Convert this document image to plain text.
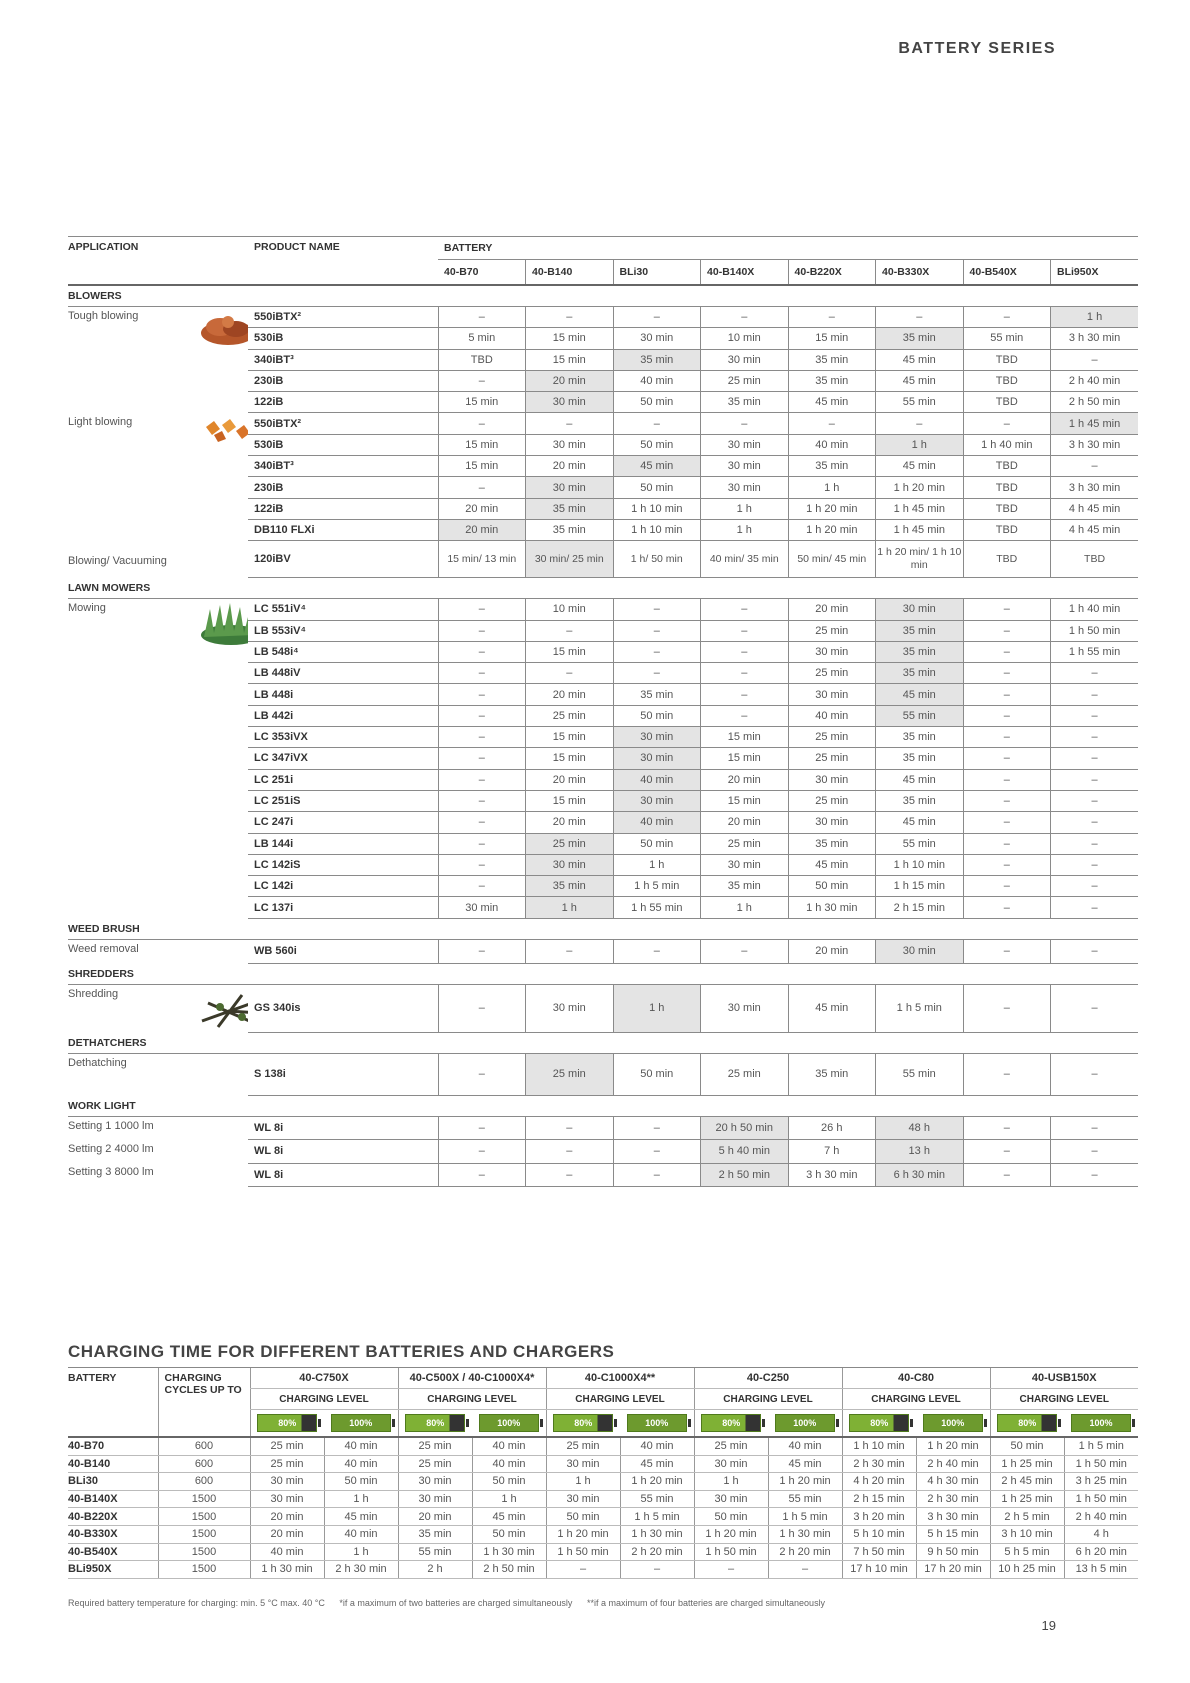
BATTERY SERIES
APPLICATION		PRODUCT NAME	BATTERY							
			40-B70	40-B140	BLi30	40-B140X	40-B220X	40-B330X	40-B540X	BLi950X
BLOWERS										
Tough blowing		550iBTX²	–	–	–	–	–	–	–	1 h
		530iB	5 min	15 min	30 min	10 min	15 min	35 min	55 min	3 h 30 min
		340iBT³	TBD	15 min	35 min	30 min	35 min	45 min	TBD	–
		230iB	–	20 min	40 min	25 min	35 min	45 min	TBD	2 h 40 min
		122iB	15 min	30 min	50 min	35 min	45 min	55 min	TBD	2 h 50 min
Light blowing		550iBTX²	–	–	–	–	–	–	–	1 h 45 min
		530iB	15 min	30 min	50 min	30 min	40 min	1 h	1 h 40 min	3 h 30 min
		340iBT³	15 min	20 min	45 min	30 min	35 min	45 min	TBD	–
		230iB	–	30 min	50 min	30 min	1 h	1 h 20 min	TBD	3 h 30 min
		122iB	20 min	35 min	1 h 10 min	1 h	1 h 20 min	1 h 45 min	TBD	4 h 45 min
		DB110 FLXi	20 min	35 min	1 h 10 min	1 h	1 h 20 min	1 h 45 min	TBD	4 h 45 min
Blowing/ Vacuuming		120iBV	15 min/ 13 min	30 min/ 25 min	1 h/ 50 min	40 min/ 35 min	50 min/ 45 min	1 h 20 min/ 1 h 10 min	TBD	TBD
LAWN MOWERS										
Mowing		LC 551iV⁴	–	10 min	–	–	20 min	30 min	–	1 h 40 min
		LB 553iV⁴	–	–	–	–	25 min	35 min	–	1 h 50 min
		LB 548i⁴	–	15 min	–	–	30 min	35 min	–	1 h 55 min
		LB 448iV	–	–	–	–	25 min	35 min	–	–
		LB 448i	–	20 min	35 min	–	30 min	45 min	–	–
		LB 442i	–	25 min	50 min	–	40 min	55 min	–	–
		LC 353iVX	–	15 min	30 min	15 min	25 min	35 min	–	–
		LC 347iVX	–	15 min	30 min	15 min	25 min	35 min	–	–
		LC 251i	–	20 min	40 min	20 min	30 min	45 min	–	–
		LC 251iS	–	15 min	30 min	15 min	25 min	35 min	–	–
		LC 247i	–	20 min	40 min	20 min	30 min	45 min	–	–
		LB 144i	–	25 min	50 min	25 min	35 min	55 min	–	–
		LC 142iS	–	30 min	1 h	30 min	45 min	1 h 10 min	–	–
		LC 142i	–	35 min	1 h 5 min	35 min	50 min	1 h 15 min	–	–
		LC 137i	30 min	1 h	1 h 55 min	1 h	1 h 30 min	2 h 15 min	–	–
WEED BRUSH										
Weed removal		WB 560i	–	–	–	–	20 min	30 min	–	–
SHREDDERS										
Shredding		GS 340is	–	30 min	1 h	30 min	45 min	1 h 5 min	–	–
DETHATCHERS										
Dethatching		S 138i	–	25 min	50 min	25 min	35 min	55 min	–	–
WORK LIGHT										
Setting 1 1000 lm		WL 8i	–	–	–	20 h 50 min	26 h	48 h	–	–
Setting 2 4000 lm		WL 8i	–	–	–	5 h 40 min	7 h	13 h	–	–
Setting 3 8000 lm		WL 8i	–	–	–	2 h 50 min	3 h 30 min	6 h 30 min	–	–
CHARGING TIME FOR DIFFERENT BATTERIES AND CHARGERS
BATTERY	CHARGING CYCLES UP TO	40-C750X		40-C500X / 40-C1000X4*		40-C1000X4**		40-C250		40-C80		40-USB150X	
		CHARGING LEVEL		CHARGING LEVEL		CHARGING LEVEL		CHARGING LEVEL		CHARGING LEVEL		CHARGING LEVEL	
		80%	100%	80%	100%	80%	100%	80%	100%	80%	100%	80%	100%
40-B70	600	25 min	40 min	25 min	40 min	25 min	40 min	25 min	40 min	1 h 10 min	1 h 20 min	50 min	1 h 5 min
40-B140	600	25 min	40 min	25 min	40 min	30 min	45 min	30 min	45 min	2 h 30 min	2 h 40 min	1 h 25 min	1 h 50 min
BLi30	600	30 min	50 min	30 min	50 min	1 h	1 h 20 min	1 h	1 h 20 min	4 h 20 min	4 h 30 min	2 h 45 min	3 h 25 min
40-B140X	1500	30 min	1 h	30 min	1 h	30 min	55 min	30 min	55 min	2 h 15 min	2 h 30 min	1 h 25 min	1 h 50 min
40-B220X	1500	20 min	45 min	20 min	45 min	50 min	1 h 5 min	50 min	1 h 5 min	3 h 20 min	3 h 30 min	2 h 5 min	2 h 40 min
40-B330X	1500	20 min	40 min	35 min	50 min	1 h 20 min	1 h 30 min	1 h 20 min	1 h 30 min	5 h 10 min	5 h 15 min	3 h 10 min	4 h
40-B540X	1500	40 min	1 h	55 min	1 h 30 min	1 h 50 min	2 h 20 min	1 h 50 min	2 h 20 min	7 h 50 min	9 h 50 min	5 h 5 min	6 h 20 min
BLi950X	1500	1 h 30 min	2 h 30 min	2 h	2 h 50 min	–	–	–	–	17 h 10 min	17 h 20 min	10 h 25 min	13 h 5 min
Required battery temperature for charging: min. 5 °C max. 40 °C *if a maximum of two batteries are charged simultaneously **if a maximum of four batteries are charged simultaneously
19
